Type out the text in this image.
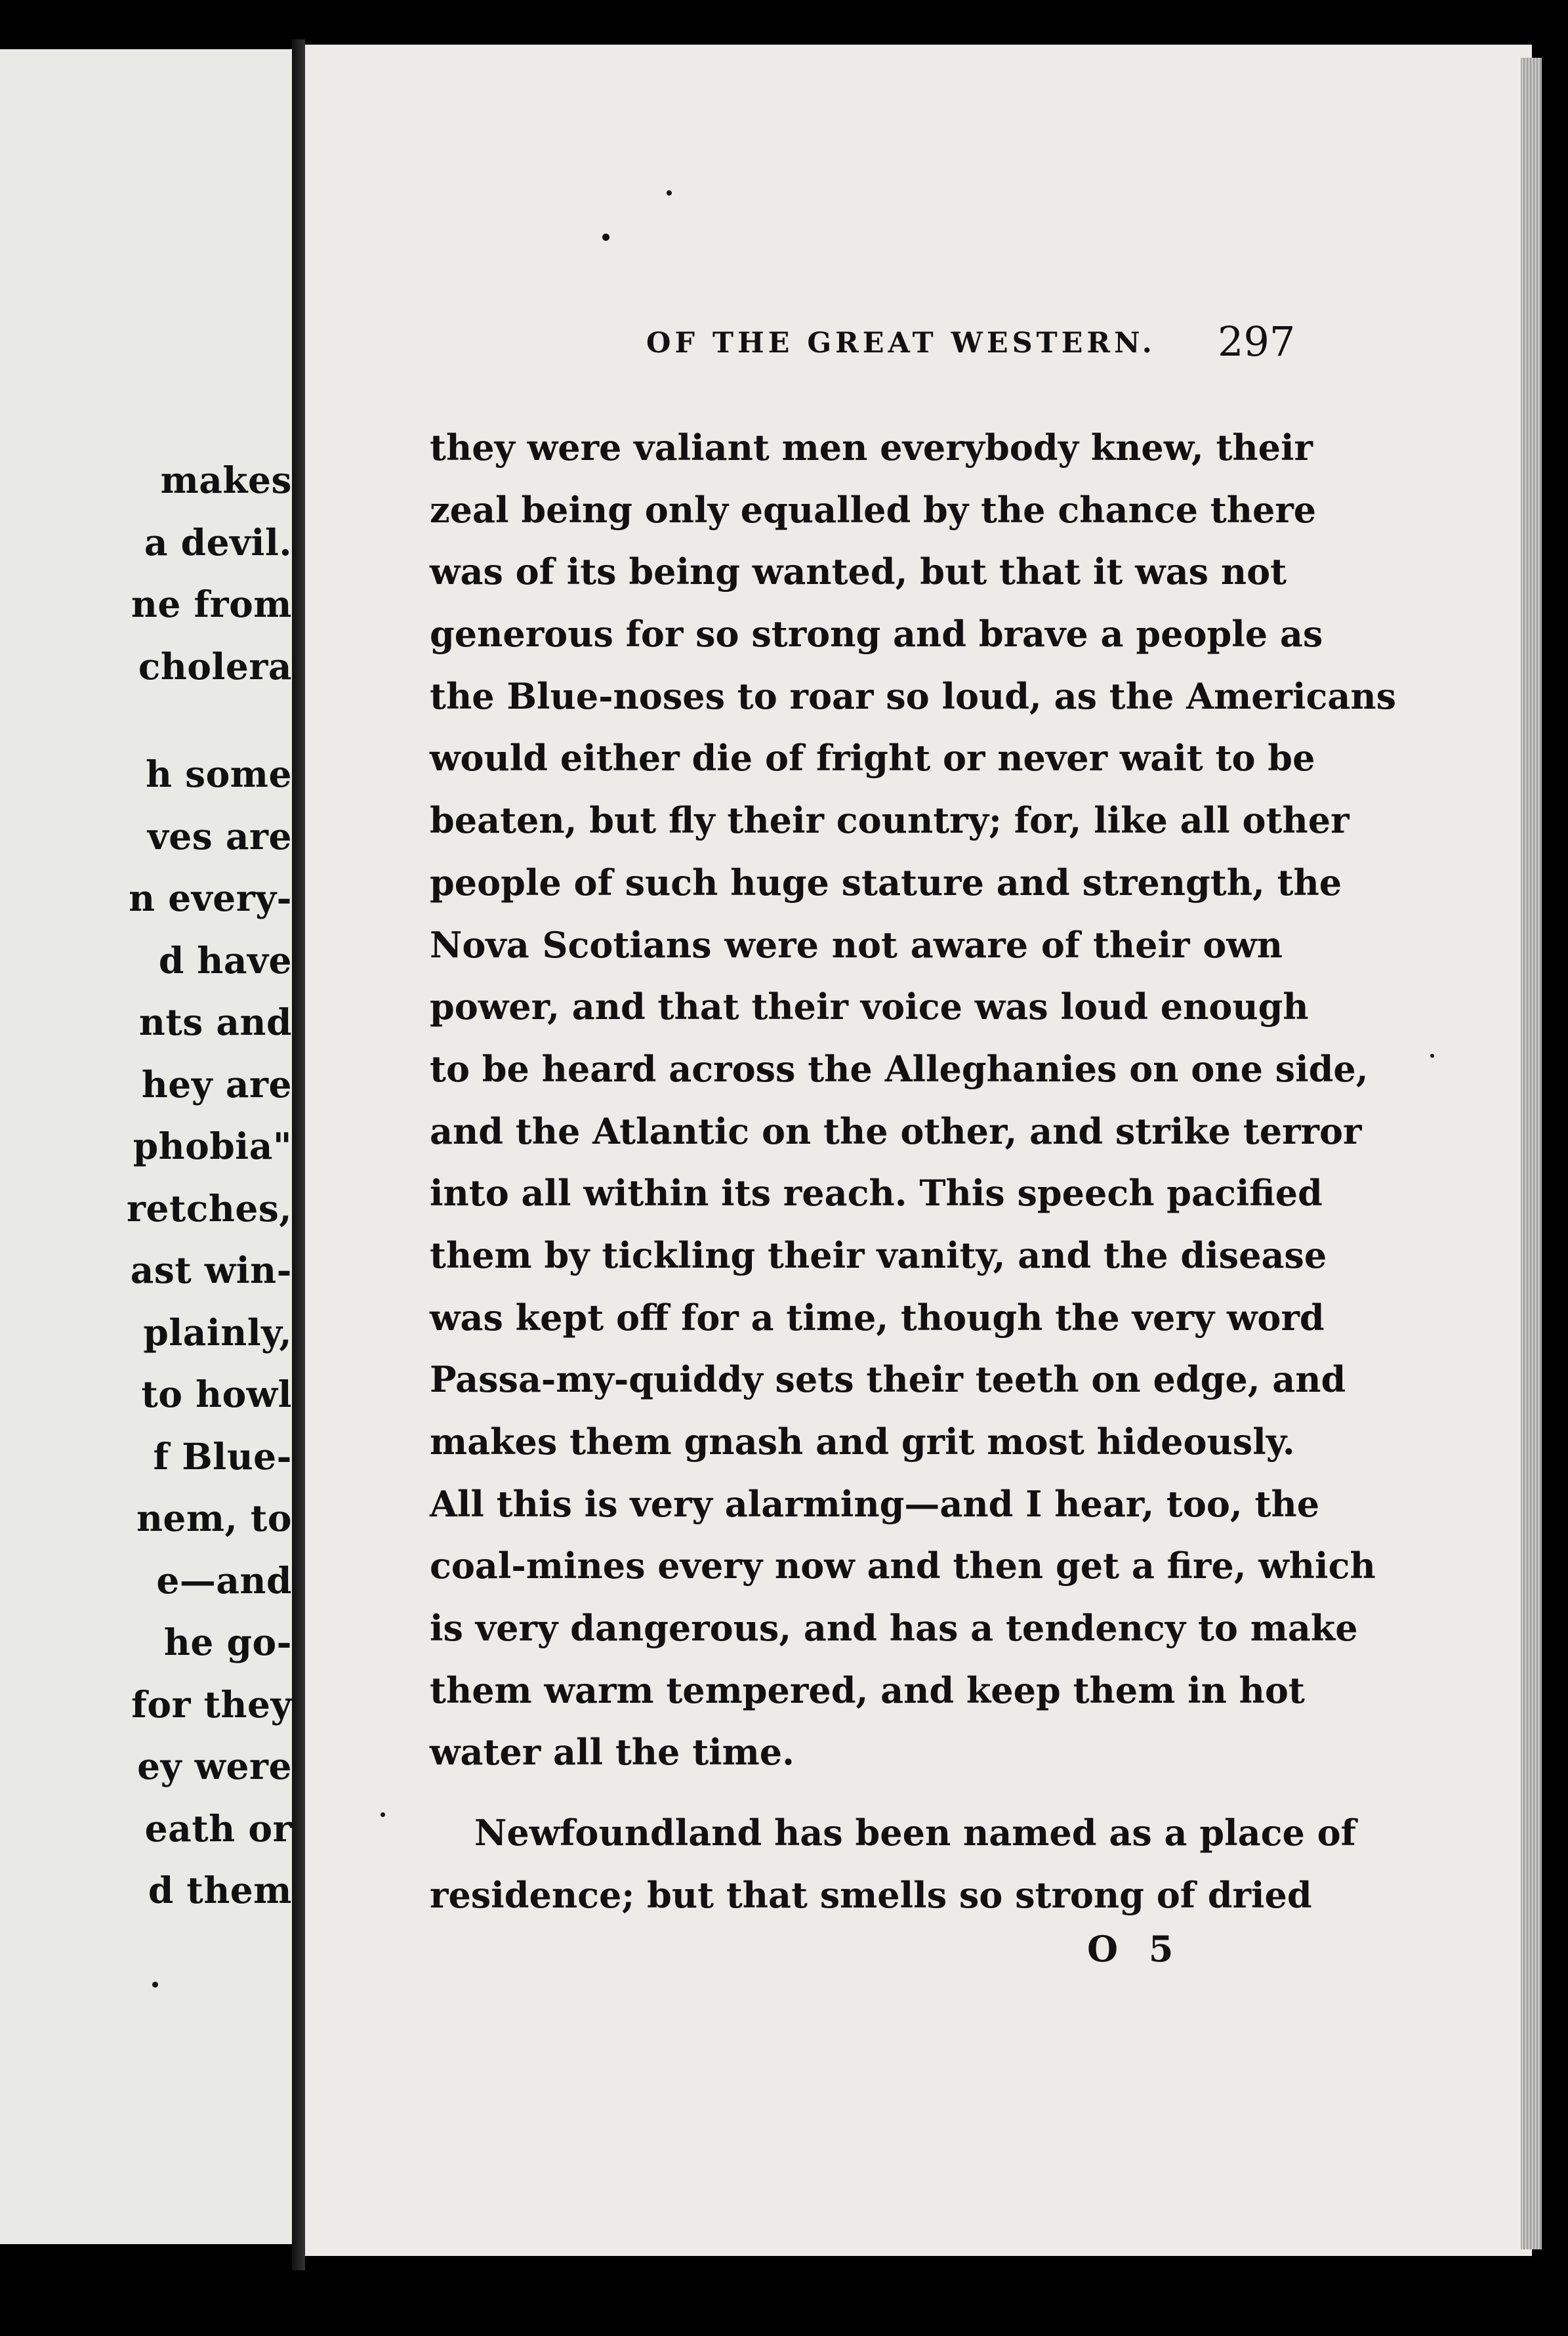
makes
a devil.
ne from
cholera
h some
ves are
n every-
d have
nts and
hey are
phobia"
retches,
ast win-
plainly,
to howl
f Blue-
nem, to
e—and
he go-
for they
ey were
eath or
d them
OF THE GREAT WESTERN. 297
they were valiant men everybody knew, their
zeal being only equalled by the chance there
was of its being wanted, but that it was not
generous for so strong and brave a people as
the Blue-noses to roar so loud, as the Americans
would either die of fright or never wait to be
beaten, but fly their country; for, like all other
people of such huge stature and strength, the
Nova Scotians were not aware of their own
power, and that their voice was loud enough
to be heard across the Alleghanies on one side,
and the Atlantic on the other, and strike terror
into all within its reach. This speech pacified
them by tickling their vanity, and the disease
was kept off for a time, though the very word
Passa-my-quiddy sets their teeth on edge, and
makes them gnash and grit most hideously.
All this is very alarming—and I hear, too, the
coal-mines every now and then get a fire, which
is very dangerous, and has a tendency to make
them warm tempered, and keep them in hot
water all the time.
Newfoundland has been named as a place of
residence; but that smells so strong of dried
O 5
